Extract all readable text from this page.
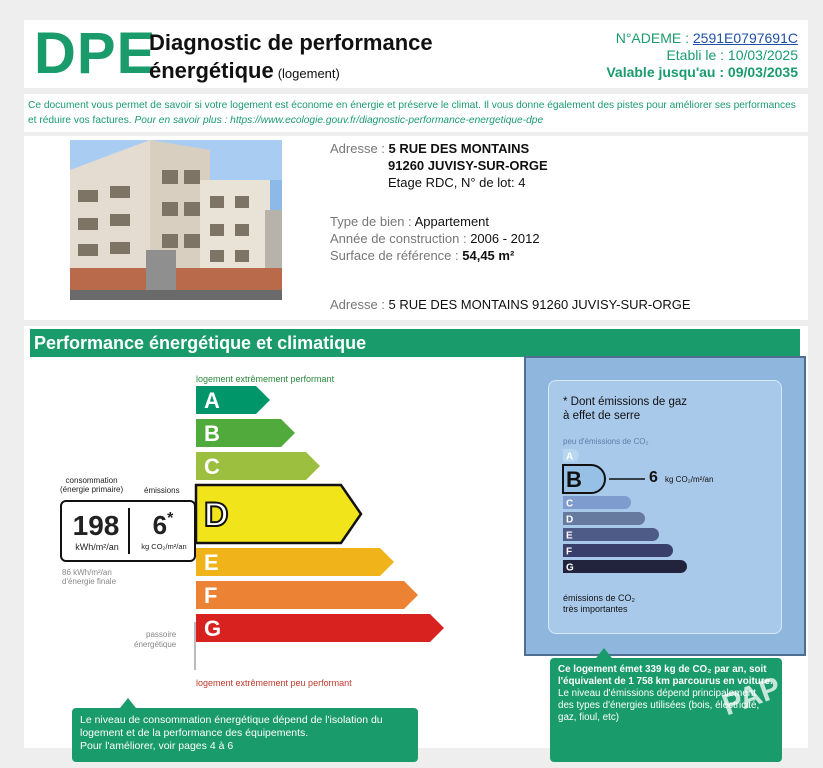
DPE
Diagnostic de performance
énergétique (logement)
N°ADEME : 2591E0797691C
Etabli le : 10/03/2025
Valable jusqu'au : 09/03/2035
Ce document vous permet de savoir si votre logement est économe en énergie et préserve le climat. Il vous donne également des pistes pour améliorer ses performances et réduire vos factures. Pour en savoir plus : https://www.ecologie.gouv.fr/diagnostic-performance-energetique-dpe
Adresse : 5 RUE DES MONTAINS
91260 JUVISY-SUR-ORGE
Etage RDC, N° de lot: 4
Type de bien : Appartement
Année de construction : 2006 - 2012
Surface de référence : 54,45 m²
Adresse : 5 RUE DES MONTAINS 91260 JUVISY-SUR-ORGE
Performance énergétique et climatique
logement extrêmement performant
logement extrêmement peu performant
A
B
C
D
E
F
G
consommation
(énergie primaire)	émissions
198
kWh/m²/an
6*
kg CO₂/m²/an
86 kWh/m²/an
d'énergie finale
passoire
énergétique
* Dont émissions de gaz
à effet de serre
peu d'émissions de CO₂
A
B
C
D
E
F
G
6 kg CO₂/m²/an
émissions de CO₂
très importantes
Le niveau de consommation énergétique dépend de l'isolation du logement et de la performance des équipements.
Pour l'améliorer, voir pages 4 à 6
Ce logement émet 339 kg de CO₂ par an, soit l'équivalent de 1 758 km parcourus en voiture.
Le niveau d'émissions dépend principalement des types d'énergies utilisées (bois, électricité, gaz, fioul, etc)	PAP
